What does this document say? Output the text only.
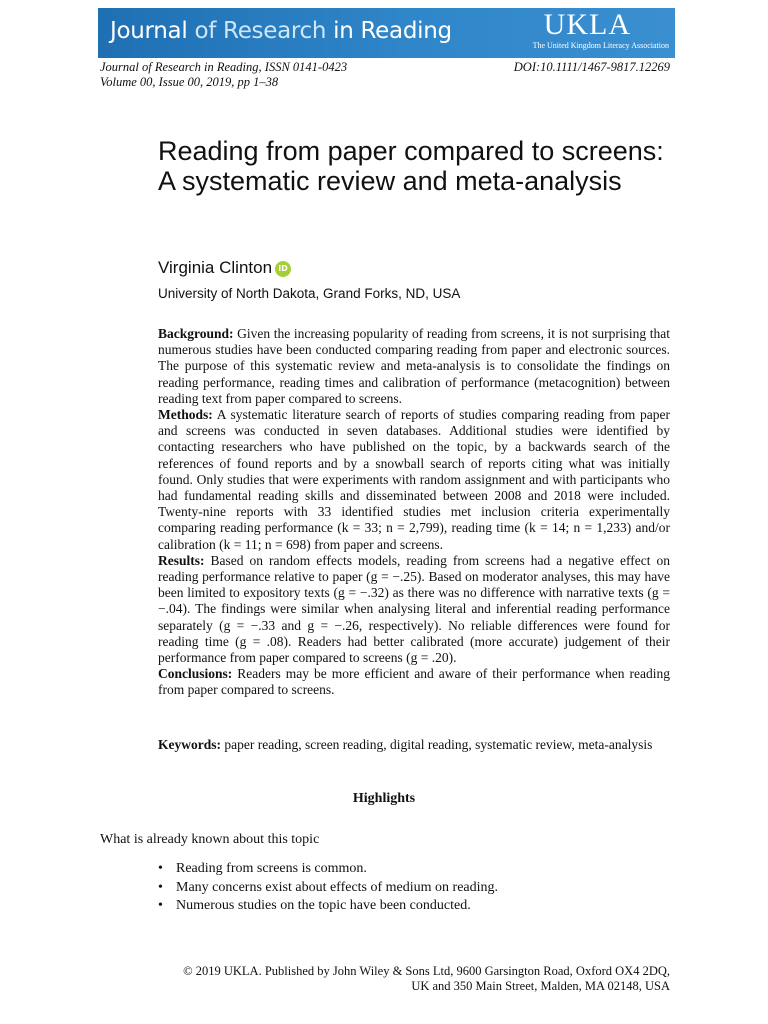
Journal of Research in Reading	UKLA
The United Kingdom Literacy Association
Journal of Research in Reading, ISSN 0141-0423
Volume 00, Issue 00, 2019, pp 1–38
DOI:10.1111/1467-9817.12269
Reading from paper compared to screens: A systematic review and meta-analysis
Virginia Clinton iD
University of North Dakota, Grand Forks, ND, USA

Background: Given the increasing popularity of reading from screens, it is not surprising that numerous studies have been conducted comparing reading from paper and electronic sources. The purpose of this systematic review and meta-analysis is to consolidate the findings on reading performance, reading times and calibration of performance (metacognition) between reading text from paper compared to screens.

Methods: A systematic literature search of reports of studies comparing reading from paper and screens was conducted in seven databases. Additional studies were identified by contacting researchers who have published on the topic, by a backwards search of the references of found reports and by a snowball search of reports citing what was initially found. Only studies that were experiments with random assignment and with participants who had fundamental reading skills and disseminated between 2008 and 2018 were included. Twenty-nine reports with 33 identified studies met inclusion criteria experimentally comparing reading performance (k = 33; n = 2,799), reading time (k = 14; n = 1,233) and/or calibration (k = 11; n = 698) from paper and screens.

Results: Based on random effects models, reading from screens had a negative effect on reading performance relative to paper (g = −.25). Based on moderator analyses, this may have been limited to expository texts (g = −.32) as there was no difference with narrative texts (g = −.04). The findings were similar when analysing literal and inferential reading performance separately (g = −.33 and g = −.26, respectively). No reliable differences were found for reading time (g = .08). Readers had better calibrated (more accurate) judgement of their performance from paper compared to screens (g = .20).

Conclusions: Readers may be more efficient and aware of their performance when reading from paper compared to screens.

Keywords: paper reading, screen reading, digital reading, systematic review, meta-analysis
Highlights
What is already known about this topic
• Reading from screens is common.
• Many concerns exist about effects of medium on reading.
• Numerous studies on the topic have been conducted.
© 2019 UKLA. Published by John Wiley & Sons Ltd, 9600 Garsington Road, Oxford OX4 2DQ,
UK and 350 Main Street, Malden, MA 02148, USA
